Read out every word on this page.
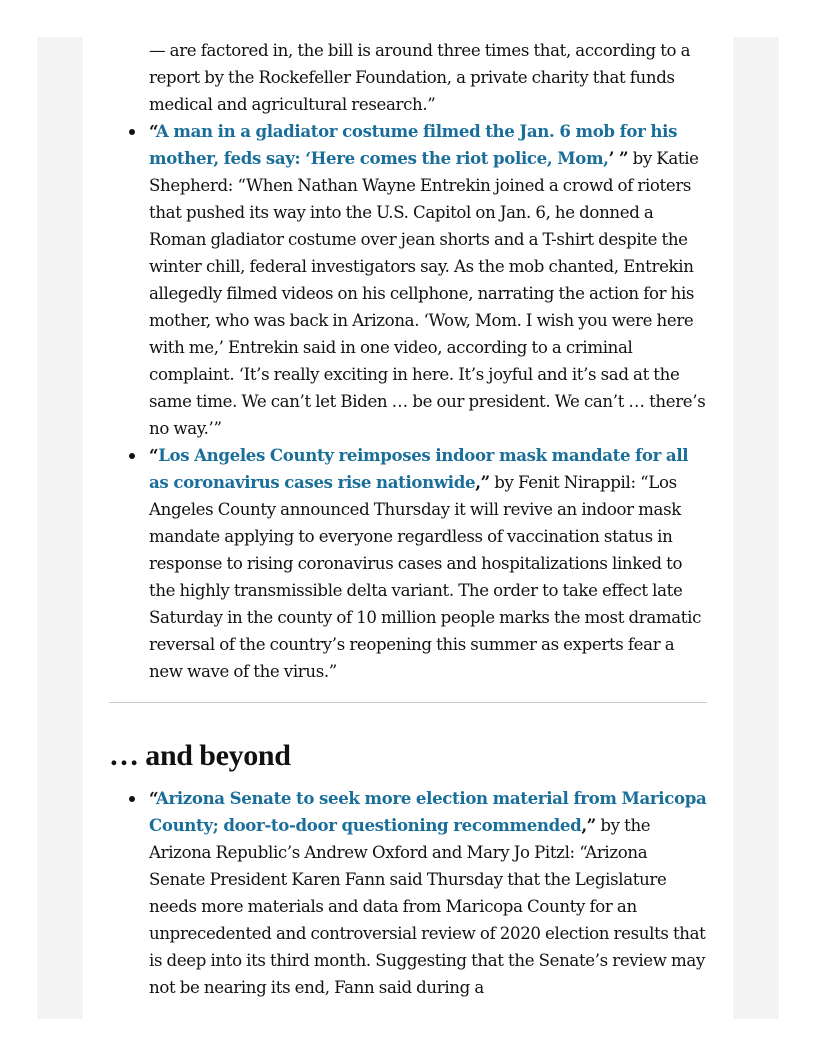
— are factored in, the bill is around three times that, according to a report by the Rockefeller Foundation, a private charity that funds medical and agricultural research.”

“A man in a gladiator costume filmed the Jan. 6 mob for his mother, feds say: ‘Here comes the riot police, Mom,’ ” by Katie Shepherd: “When Nathan Wayne Entrekin joined a crowd of rioters that pushed its way into the U.S. Capitol on Jan. 6, he donned a Roman gladiator costume over jean shorts and a T-shirt despite the winter chill, federal investigators say. As the mob chanted, Entrekin allegedly filmed videos on his cellphone, narrating the action for his mother, who was back in Arizona. ‘Wow, Mom. I wish you were here with me,’ Entrekin said in one video, according to a criminal complaint. ‘It’s really exciting in here. It’s joyful and it’s sad at the same time. We can’t let Biden … be our president. We can’t … there’s no way.’”
“Los Angeles County reimposes indoor mask mandate for all as coronavirus cases rise nationwide,” by Fenit Nirappil: “Los Angeles County announced Thursday it will revive an indoor mask mandate applying to everyone regardless of vaccination status in response to rising coronavirus cases and hospitalizations linked to the highly transmissible delta variant. The order to take effect late Saturday in the county of 10 million people marks the most dramatic reversal of the country’s reopening this summer as experts fear a new wave of the virus.”
… and beyond
“Arizona Senate to seek more election material from Maricopa County; door-to-door questioning recommended,” by the Arizona Republic’s Andrew Oxford and Mary Jo Pitzl: “Arizona Senate President Karen Fann said Thursday that the Legislature needs more materials and data from Maricopa County for an unprecedented and controversial review of 2020 election results that is deep into its third month. Suggesting that the Senate’s review may not be nearing its end, Fann said during a
